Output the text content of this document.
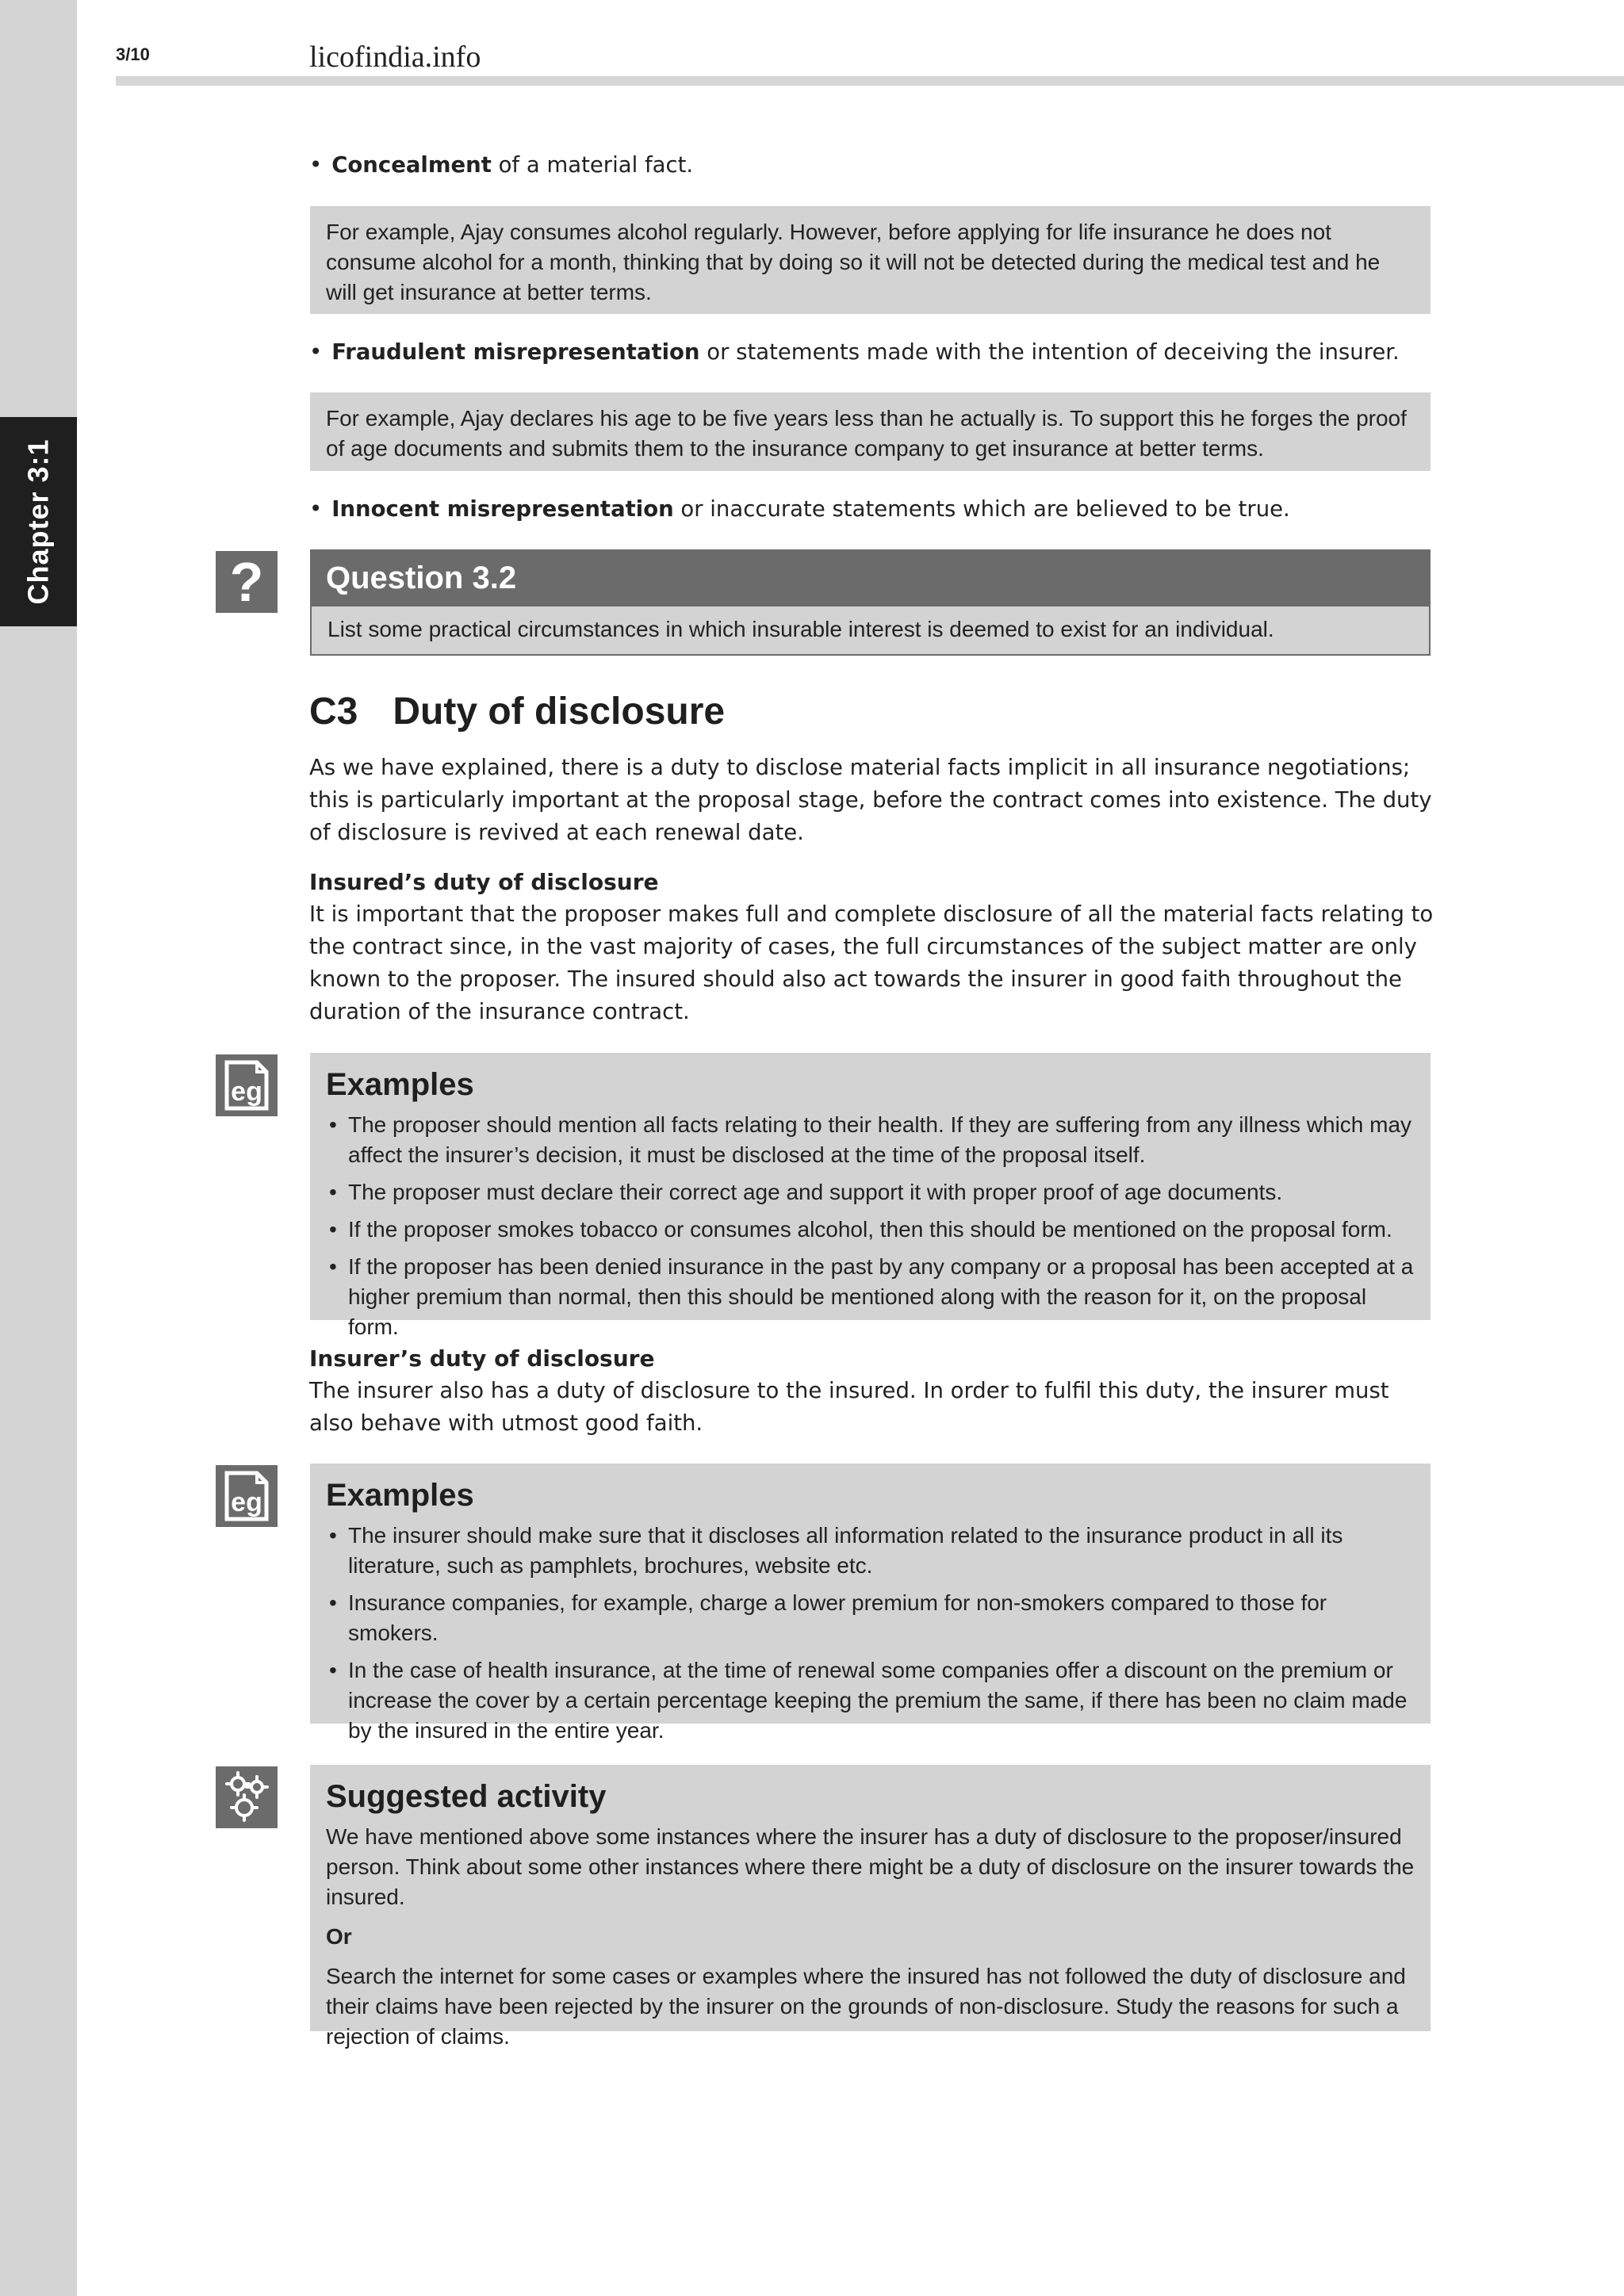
Chapter 3:1
3/10	licofindia.info
• Concealment of a material fact.
For example, Ajay consumes alcohol regularly. However, before applying for life insurance he does not consume alcohol for a month, thinking that by doing so it will not be detected during the medical test and he will get insurance at better terms.
• Fraudulent misrepresentation or statements made with the intention of deceiving the insurer.
For example, Ajay declares his age to be five years less than he actually is. To support this he forges the proof of age documents and submits them to the insurance company to get insurance at better terms.
• Innocent misrepresentation or inaccurate statements which are believed to be true.
?	Question 3.2
List some practical circumstances in which insurable interest is deemed to exist for an individual.
C3 Duty of disclosure
As we have explained, there is a duty to disclose material facts implicit in all insurance negotiations; this is particularly important at the proposal stage, before the contract comes into existence. The duty of disclosure is revived at each renewal date.
Insured’s duty of disclosure
It is important that the proposer makes full and complete disclosure of all the material facts relating to the contract since, in the vast majority of cases, the full circumstances of the subject matter are only known to the proposer. The insured should also act towards the insurer in good faith throughout the duration of the insurance contract.
eg Examples
• The proposer should mention all facts relating to their health. If they are suffering from any illness which may affect the insurer’s decision, it must be disclosed at the time of the proposal itself.
• The proposer must declare their correct age and support it with proper proof of age documents.
• If the proposer smokes tobacco or consumes alcohol, then this should be mentioned on the proposal form.
• If the proposer has been denied insurance in the past by any company or a proposal has been accepted at a higher premium than normal, then this should be mentioned along with the reason for it, on the proposal form.
Insurer’s duty of disclosure
The insurer also has a duty of disclosure to the insured. In order to fulfil this duty, the insurer must also behave with utmost good faith.
eg Examples
• The insurer should make sure that it discloses all information related to the insurance product in all its literature, such as pamphlets, brochures, website etc.
• Insurance companies, for example, charge a lower premium for non-smokers compared to those for smokers.
• In the case of health insurance, at the time of renewal some companies offer a discount on the premium or increase the cover by a certain percentage keeping the premium the same, if there has been no claim made by the insured in the entire year.
Suggested activity
We have mentioned above some instances where the insurer has a duty of disclosure to the proposer/insured person. Think about some other instances where there might be a duty of disclosure on the insurer towards the insured.
Or
Search the internet for some cases or examples where the insured has not followed the duty of disclosure and their claims have been rejected by the insurer on the grounds of non-disclosure. Study the reasons for such a rejection of claims.
